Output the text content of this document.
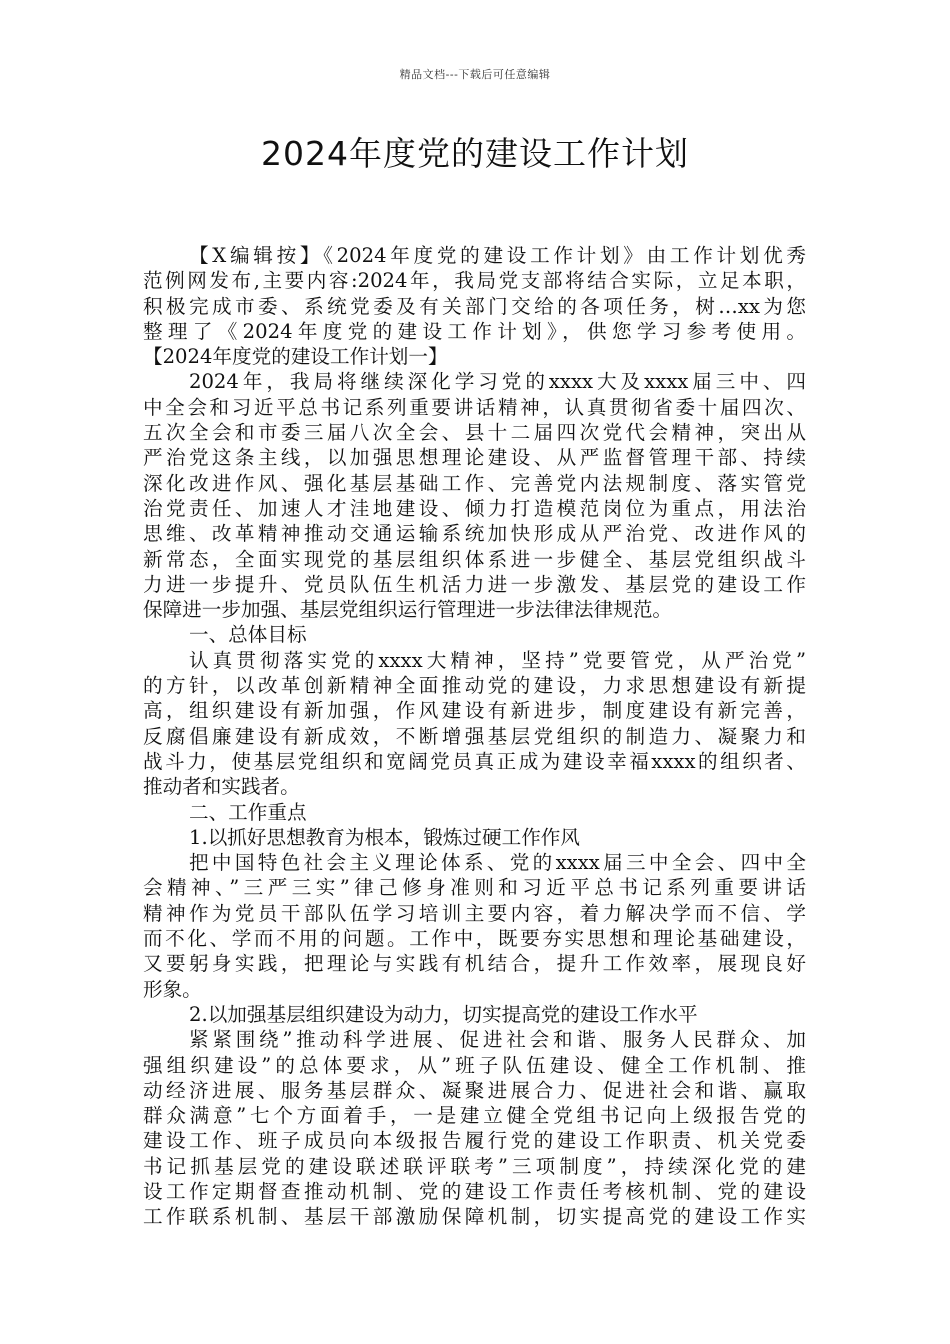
精品文档---下载后可任意编辑
2024年度党的建设工作计划
【X编辑按】《2024年度党的建设工作计划》由工作计划优秀
范例网发布,主要内容:2024年，我局党支部将结合实际，立足本职，
积极完成市委、系统党委及有关部门交给的各项任务，树…xx为您
整理了《2024年度党的建设工作计划》，供您学习参考使用。
【2024年度党的建设工作计划一】
2024年，我局将继续深化学习党的xxxx大及xxxx届三中、四
中全会和习近平总书记系列重要讲话精神，认真贯彻省委十届四次、
五次全会和市委三届八次全会、县十二届四次党代会精神，突出从
严治党这条主线，以加强思想理论建设、从严监督管理干部、持续
深化改进作风、强化基层基础工作、完善党内法规制度、落实管党
治党责任、加速人才洼地建设、倾力打造模范岗位为重点，用法治
思维、改革精神推动交通运输系统加快形成从严治党、改进作风的
新常态，全面实现党的基层组织体系进一步健全、基层党组织战斗
力进一步提升、党员队伍生机活力进一步激发、基层党的建设工作
保障进一步加强、基层党组织运行管理进一步法律法律规范。
一、总体目标
认真贯彻落实党的xxxx大精神，坚持”党要管党，从严治党”
的方针，以改革创新精神全面推动党的建设，力求思想建设有新提
高，组织建设有新加强，作风建设有新进步，制度建设有新完善，
反腐倡廉建设有新成效，不断增强基层党组织的制造力、凝聚力和
战斗力，使基层党组织和宽阔党员真正成为建设幸福xxxx的组织者、
推动者和实践者。
二、工作重点
1.以抓好思想教育为根本，锻炼过硬工作作风
把中国特色社会主义理论体系、党的xxxx届三中全会、四中全
会精神、”三严三实”律己修身准则和习近平总书记系列重要讲话
精神作为党员干部队伍学习培训主要内容，着力解决学而不信、学
而不化、学而不用的问题。工作中，既要夯实思想和理论基础建设，
又要躬身实践，把理论与实践有机结合，提升工作效率，展现良好
形象。
2.以加强基层组织建设为动力，切实提高党的建设工作水平
紧紧围绕”推动科学进展、促进社会和谐、服务人民群众、加
强组织建设”的总体要求，从”班子队伍建设、健全工作机制、推
动经济进展、服务基层群众、凝聚进展合力、促进社会和谐、赢取
群众满意”七个方面着手，一是建立健全党组书记向上级报告党的
建设工作、班子成员向本级报告履行党的建设工作职责、机关党委
书记抓基层党的建设联述联评联考”三项制度”，持续深化党的建
设工作定期督查推动机制、党的建设工作责任考核机制、党的建设
工作联系机制、基层干部激励保障机制，切实提高党的建设工作实
